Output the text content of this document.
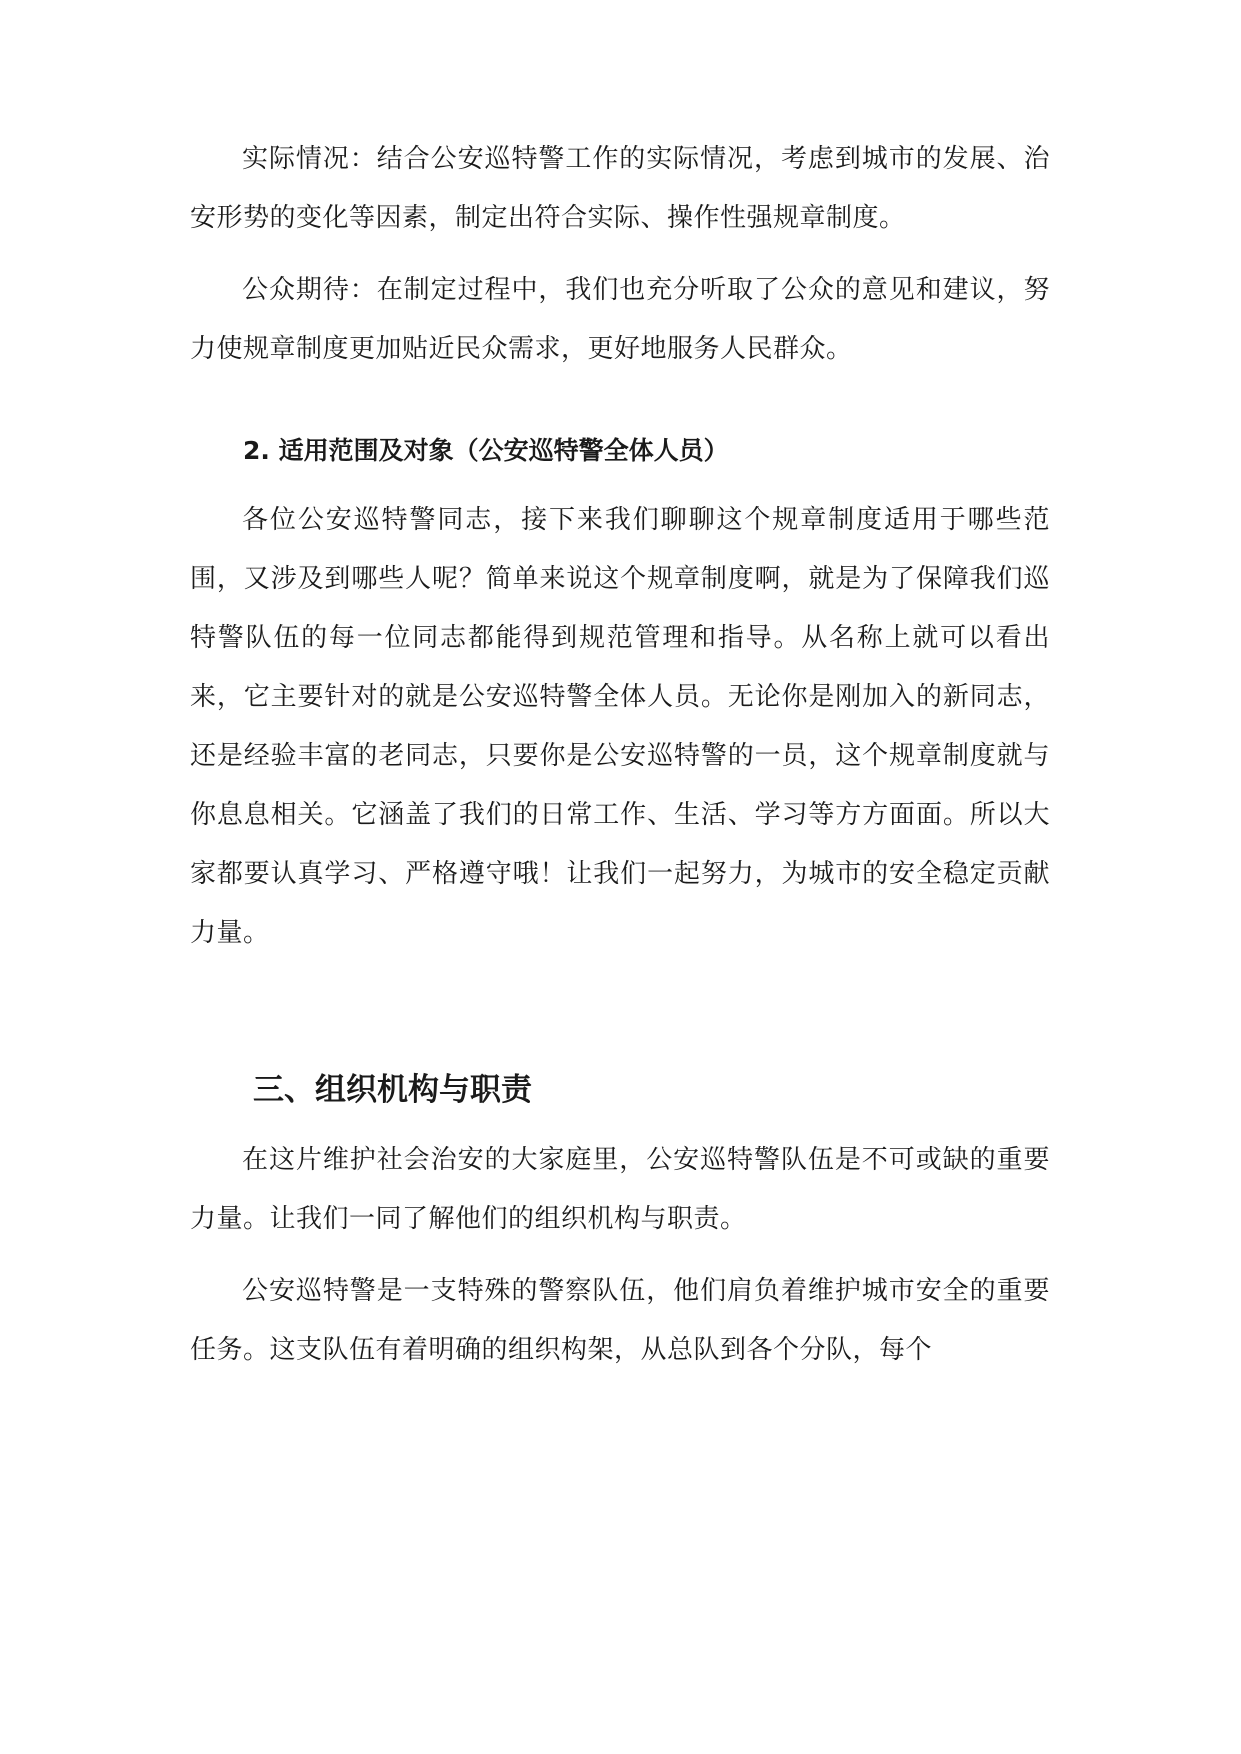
实际情况：结合公安巡特警工作的实际情况，考虑到城市的发展、治安形势的变化等因素，制定出符合实际、操作性强规章制度。

公众期待：在制定过程中，我们也充分听取了公众的意见和建议，努力使规章制度更加贴近民众需求，更好地服务人民群众。

2. 适用范围及对象（公安巡特警全体人员）

各位公安巡特警同志，接下来我们聊聊这个规章制度适用于哪些范围，又涉及到哪些人呢？简单来说这个规章制度啊，就是为了保障我们巡特警队伍的每一位同志都能得到规范管理和指导。从名称上就可以看出来，它主要针对的就是公安巡特警全体人员。无论你是刚加入的新同志，还是经验丰富的老同志，只要你是公安巡特警的一员，这个规章制度就与你息息相关。它涵盖了我们的日常工作、生活、学习等方方面面。所以大家都要认真学习、严格遵守哦！让我们一起努力，为城市的安全稳定贡献力量。

三、组织机构与职责

在这片维护社会治安的大家庭里，公安巡特警队伍是不可或缺的重要力量。让我们一同了解他们的组织机构与职责。

公安巡特警是一支特殊的警察队伍，他们肩负着维护城市安全的重要任务。这支队伍有着明确的组织构架，从总队到各个分队，每个
